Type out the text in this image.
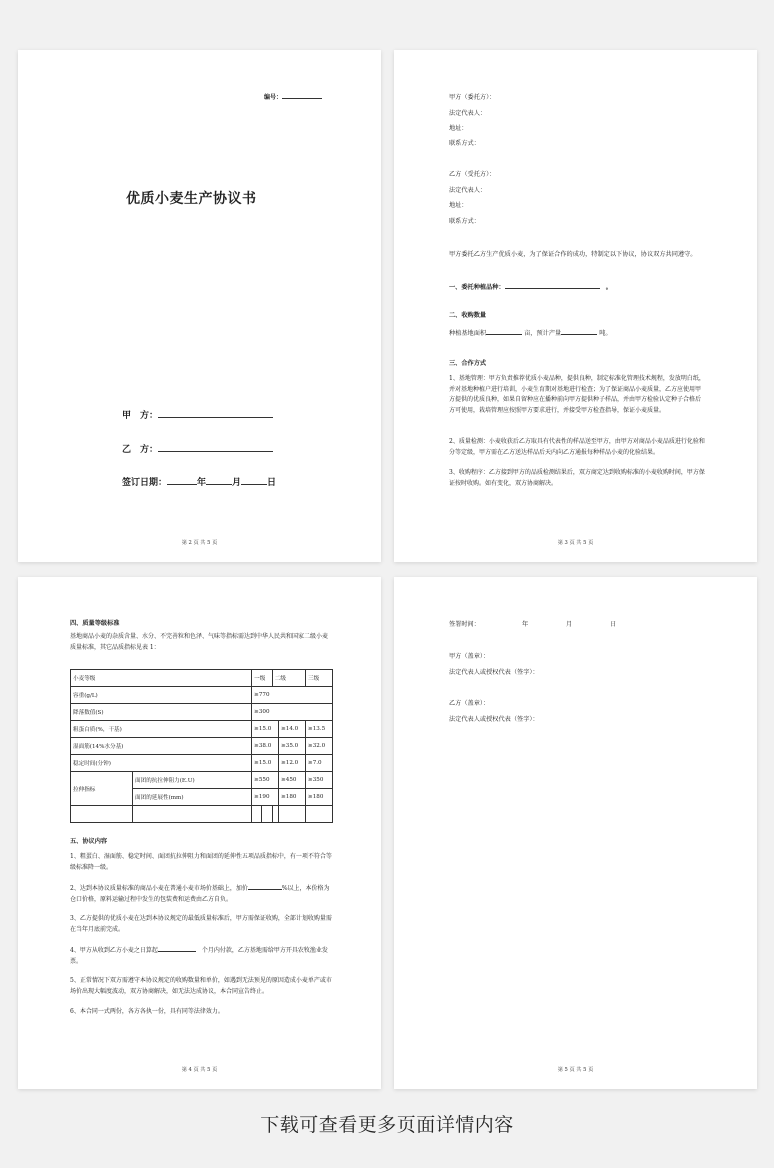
编号：
优质小麦生产协议书
甲　方：
乙　方：
签订日期：	年	月	日
第 2 页 共 5 页
甲方（委托方）：
法定代表人：
地址：
联系方式：
乙方（受托方）：
法定代表人：
地址：
联系方式：
甲方委托乙方生产优质小麦，为了保证合作的成功，特制定以下协议，协议双方共同遵守。
一、委托种植品种：	。
二、收购数量
种植基地面积	亩，预计产量	吨。
三、合作方式
1、基地管理：甲方负责推荐优质小麦品种，提供良种，制定标准化管理技术规程，发放明白纸，并对基地种植户进行培训，小麦生育期对基地进行检查；为了保证商品小麦质量，乙方应使用甲方提供的优质良种，如果自留种应在播种前向甲方提供种子样品，并由甲方检验认定种子合格后方可使用，栽培管理应按照甲方要求进行，并接受甲方检查指导，保证小麦质量。
2、质量检测：小麦收获后乙方取具有代表性的样品送至甲方，由甲方对商品小麦品质进行化验和分等定级，甲方需在乙方送达样品后天内向乙方通报每种样品小麦的化验结果。
3、收购程序：乙方接到甲方的品质检测结果后，双方商定达到收购标准的小麦收购时间，甲方保证按时收购。如有变化，双方协商解决。
第 3 页 共 5 页
四、质量等级标准
基地商品小麦的杂质含量、水分、不完善粒和色泽、气味等指标需达到中华人民共和国家二级小麦质量标准，其它品质指标见表 1：
小麦等级		一级		二级		三级
容重(g/L)		≥770				
降落数值(S)		≥300				
粗蛋白质(%，干基)		≥15.0			≥14.0	≥13.5
湿面筋(14%水分基)		≥38.0			≥35.0	≥32.0
稳定时间(分钟)		≥15.0			≥12.0	≥7.0
拉伸指标	面团的抗拉伸阻力(E.U)	≥550			≥450	≥350
	面团的延展性(mm)	≥190			≥180	≥180

五、协议内容
1、粗蛋白、湿面筋、稳定时间、面团抗拉伸阻力和面团的延伸性五项品质指标中，有一项不符合等级标准降一级。
2、达到本协议质量标准的商品小麦在普通小麦市场价基础上，加价	%以上，本价格为仓口价格，原料运输过程中发生的包装费和运费由乙方自负。
3、乙方提供的优质小麦在达到本协议规定的最低质量标准后，甲方需保证收购，全部计划收购量需在当年月底前完成。
4、甲方从收到乙方小麦之日算起	个月内付款，乙方基地需给甲方开具农牧渔业发票。
5、正常情况下双方需遵守本协议规定的收购数量和单价，如遇到无法预见的原因造成小麦单产或市场价出现大幅度波动，双方协商解决，如无法达成协议，本合同宣告终止。
6、本合同一式两份，各方各执一份，具有同等法律效力。
第 4 页 共 5 页
签署时间：	年	月	日
甲方（盖章）：
法定代表人或授权代表（签字）：
乙方（盖章）：
法定代表人或授权代表（签字）：
第 5 页 共 5 页
下载可查看更多页面详情内容
